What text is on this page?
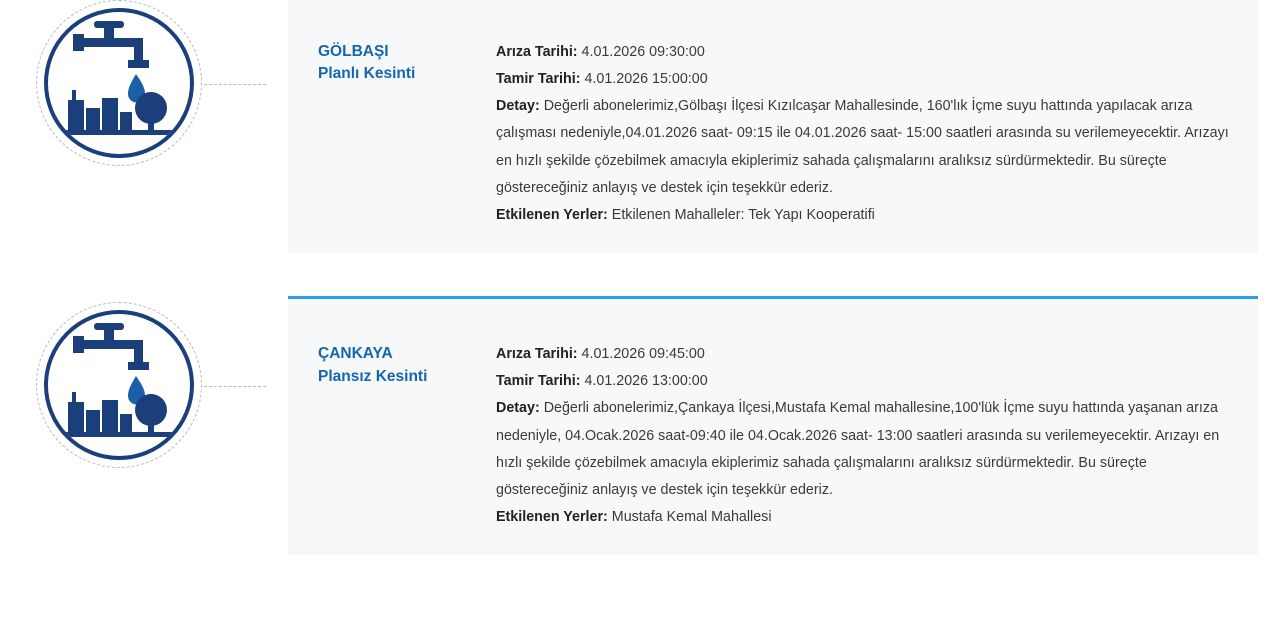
GÖLBAŞI
Planlı Kesinti

Arıza Tarihi: 4.01.2026 09:30:00

Tamir Tarihi: 4.01.2026 15:00:00

Detay: Değerli abonelerimiz,Gölbaşı İlçesi Kızılcaşar Mahallesinde, 160'lık İçme suyu hattında yapılacak arıza çalışması nedeniyle,04.01.2026 saat- 09:15 ile 04.01.2026 saat- 15:00 saatleri arasında su verilemeyecektir. Arızayı en hızlı şekilde çözebilmek amacıyla ekiplerimiz sahada çalışmalarını aralıksız sürdürmektedir. Bu süreçte göstereceğiniz anlayış ve destek için teşekkür ederiz.

Etkilenen Yerler: Etkilenen Mahalleler: Tek Yapı Kooperatifi

ÇANKAYA
Plansız Kesinti

Arıza Tarihi: 4.01.2026 09:45:00

Tamir Tarihi: 4.01.2026 13:00:00

Detay: Değerli abonelerimiz,Çankaya İlçesi,Mustafa Kemal mahallesine,100'lük İçme suyu hattında yaşanan arıza nedeniyle, 04.Ocak.2026 saat-09:40 ile 04.Ocak.2026 saat- 13:00 saatleri arasında su verilemeyecektir. Arızayı en hızlı şekilde çözebilmek amacıyla ekiplerimiz sahada çalışmalarını aralıksız sürdürmektedir. Bu süreçte göstereceğiniz anlayış ve destek için teşekkür ederiz.

Etkilenen Yerler: Mustafa Kemal Mahallesi
